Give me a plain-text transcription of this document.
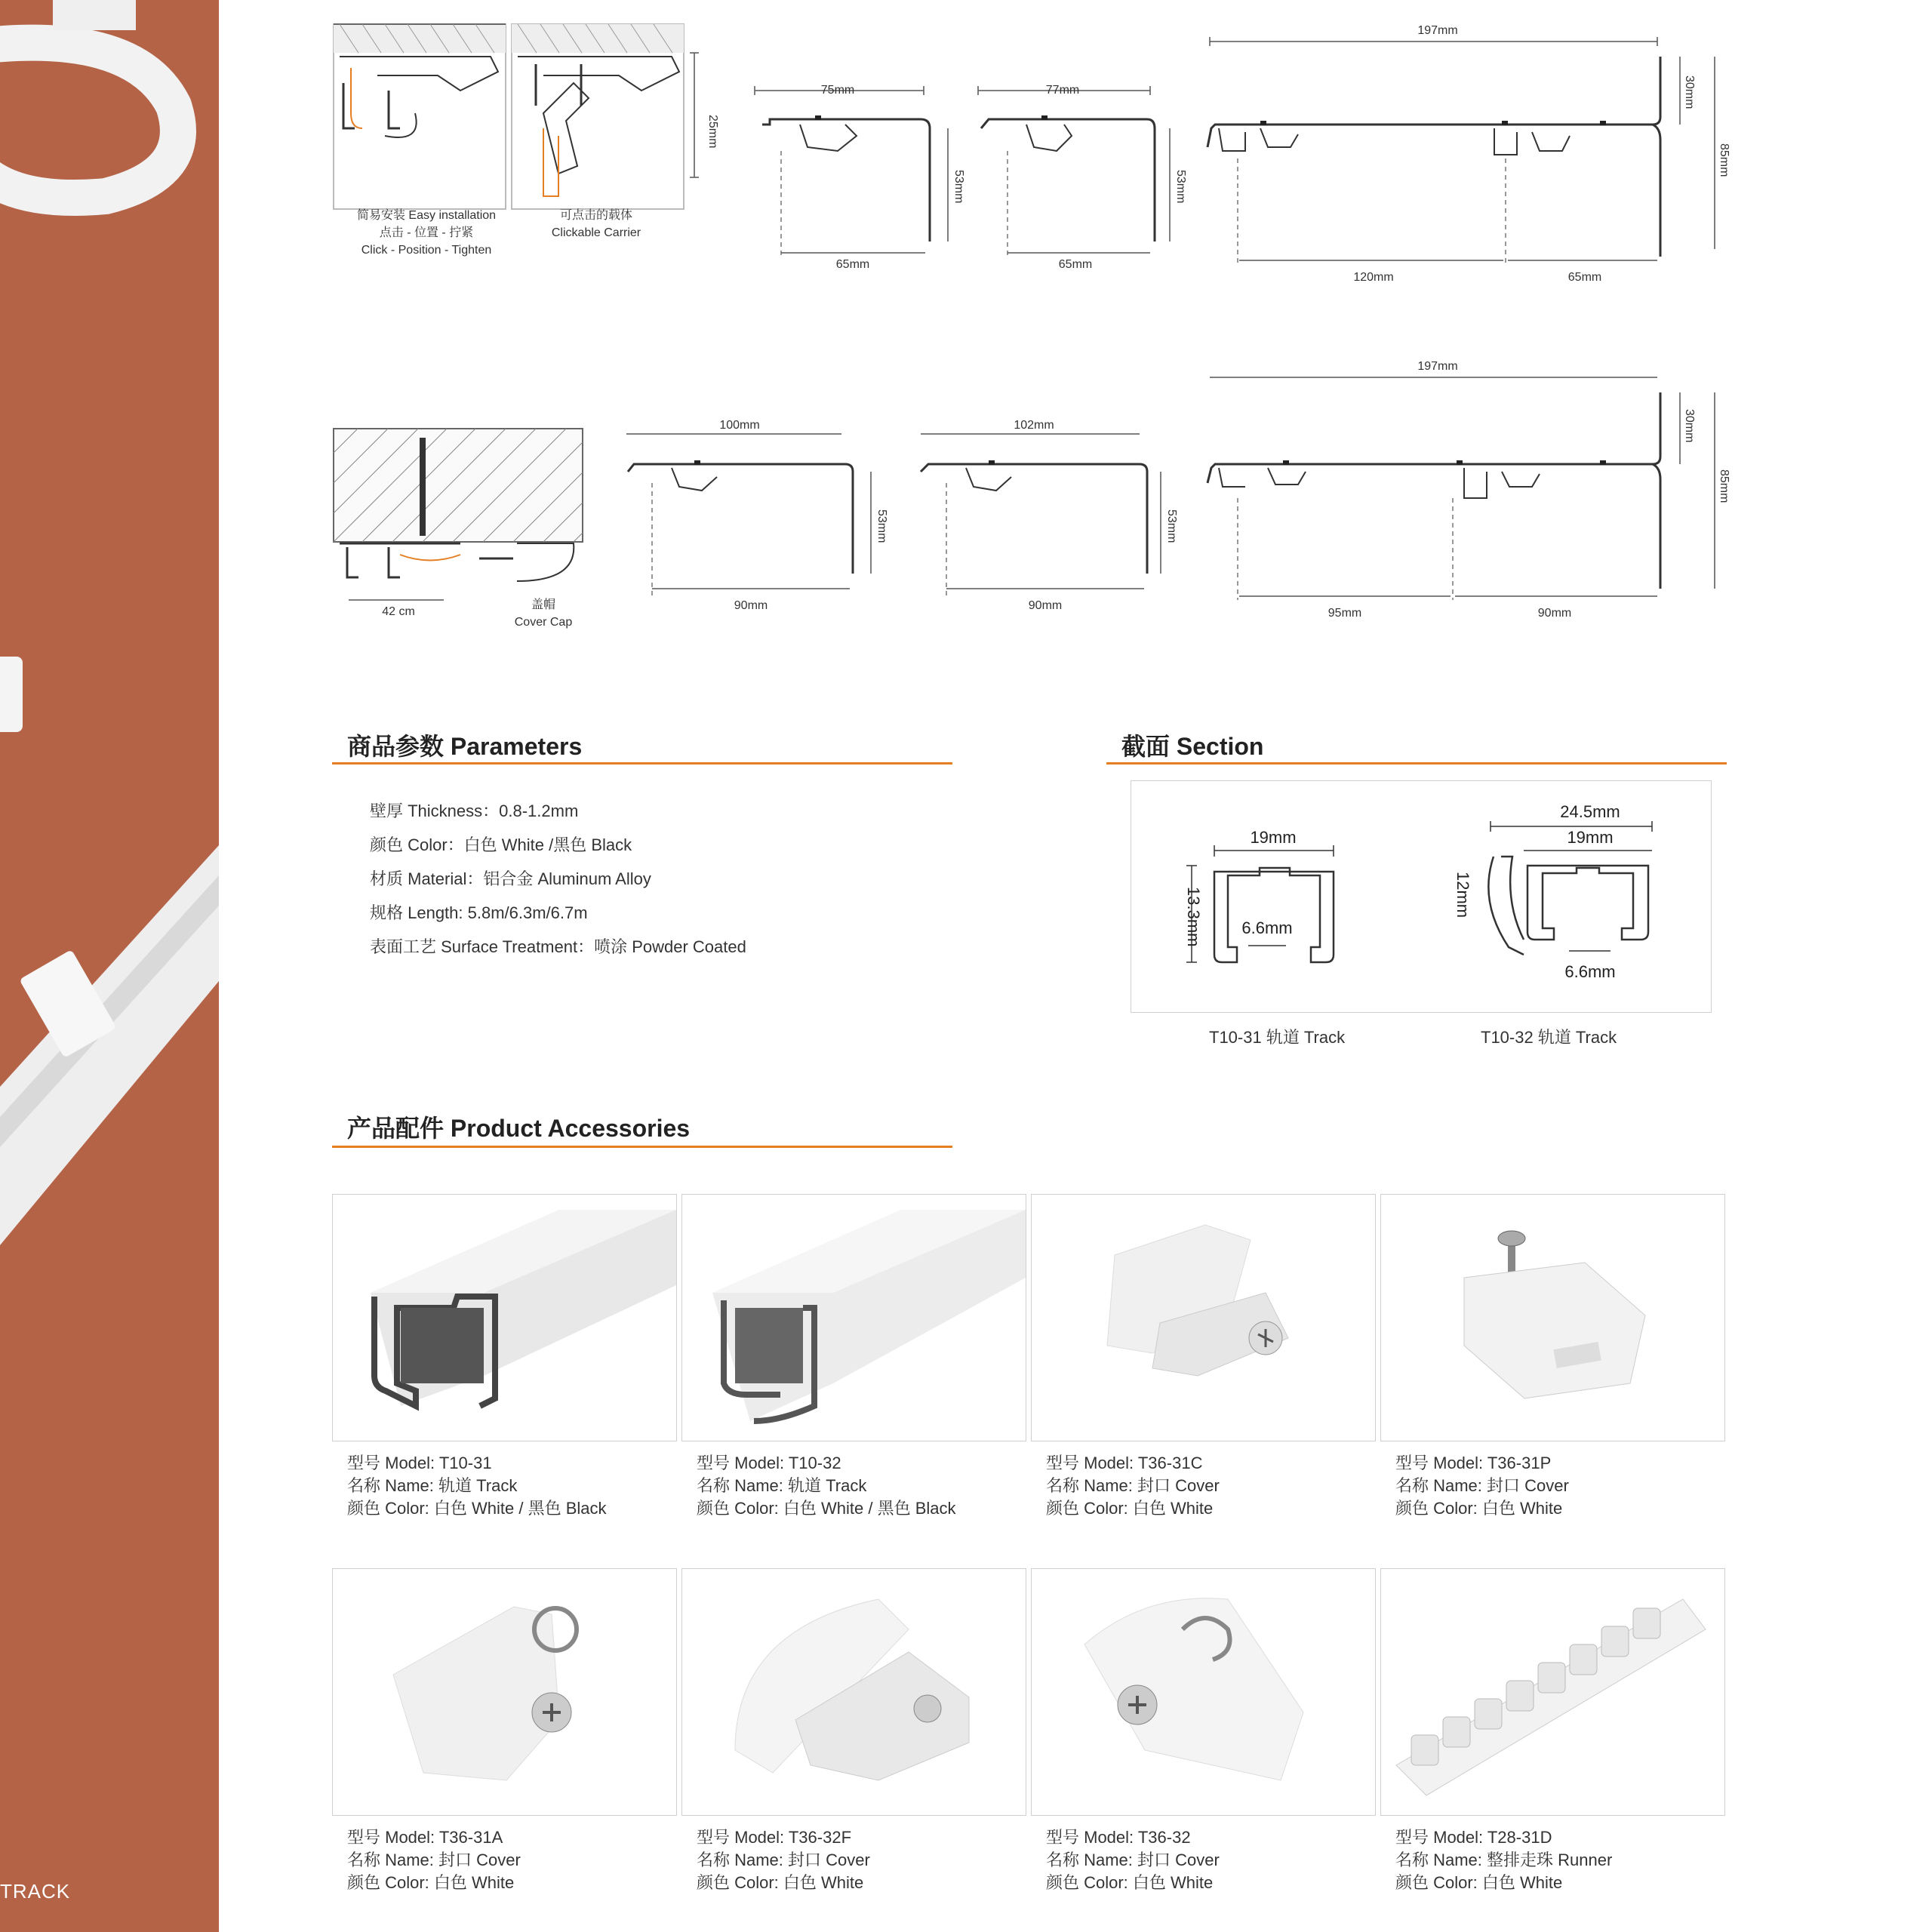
TRACK
25mm
75mm
65mm
53mm
77mm
65mm
53mm
197mm
120mm	65mm
30mm
85mm
42 cm
100mm
90mm
53mm
102mm
90mm
53mm
197mm
95mm	90mm
30mm
85mm
简易安装 Easy installation
点击 - 位置 - 拧紧
Click - Position - Tighten
可点击的载体
Clickable Carrier
盖帽
Cover Cap
商品参数 Parameters
壁厚 Thickness：0.8-1.2mm
颜色 Color：白色 White /黑色 Black
材质 Material：铝合金 Aluminum Alloy
规格 Length: 5.8m/6.3m/6.7m
表面工艺 Surface Treatment：喷涂 Powder Coated
截面 Section
19mm
13.3mm 6.6mm
24.5mm
19mm
12mm
6.6mm
T10-31 轨道 Track	T10-32 轨道 Track
产品配件 Product Accessories
型号 Model: T10-31
名称 Name: 轨道 Track
颜色 Color: 白色 White / 黑色 Black
型号 Model: T10-32
名称 Name: 轨道 Track
颜色 Color: 白色 White / 黑色 Black
型号 Model: T36-31C
名称 Name: 封口 Cover
颜色 Color: 白色 White
型号 Model: T36-31P
名称 Name: 封口 Cover
颜色 Color: 白色 White
型号 Model: T36-31A
名称 Name: 封口 Cover
颜色 Color: 白色 White
型号 Model: T36-32F
名称 Name: 封口 Cover
颜色 Color: 白色 White
型号 Model: T36-32
名称 Name: 封口 Cover
颜色 Color: 白色 White
型号 Model: T28-31D
名称 Name: 整排走珠 Runner
颜色 Color: 白色 White
